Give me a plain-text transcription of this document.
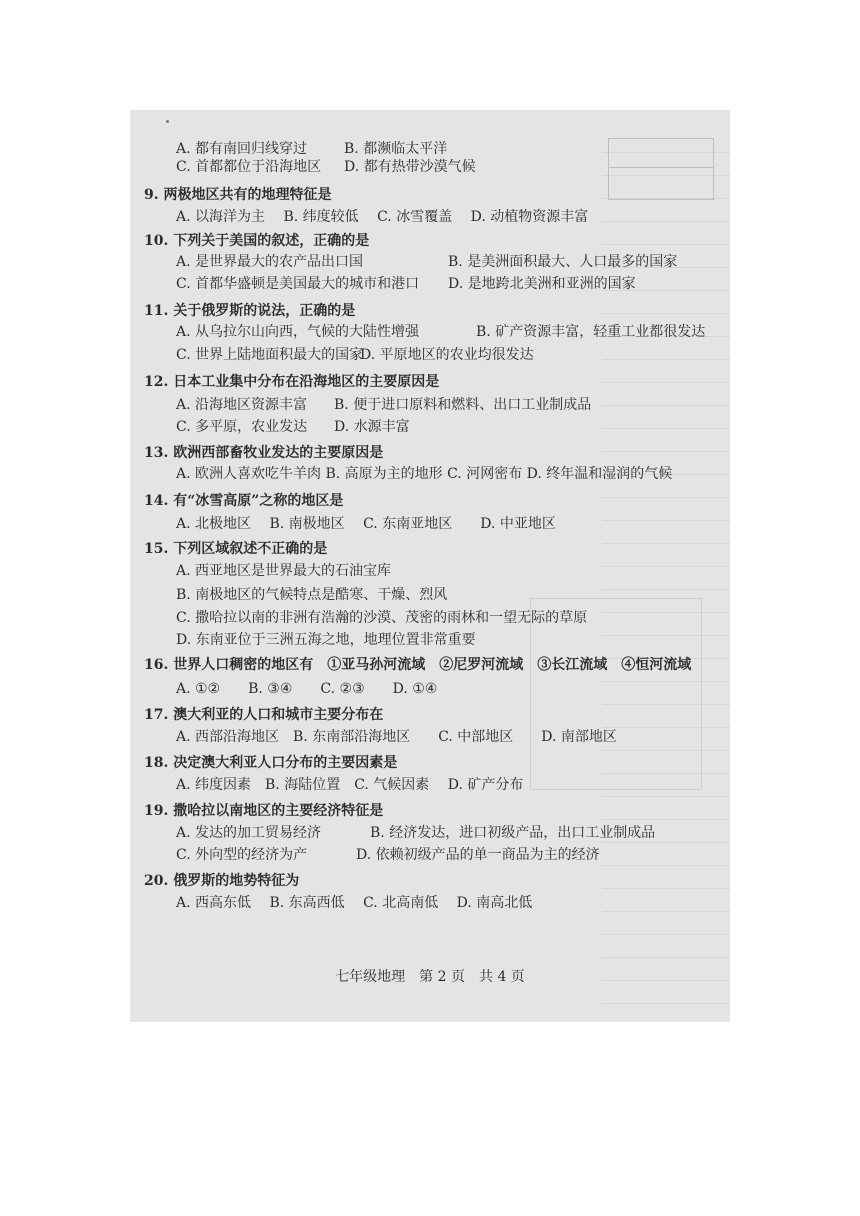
A. 都有南回归线穿过	B. 都濒临太平洋
C. 首都都位于沿海地区 D. 都有热带沙漠气候
9. 两极地区共有的地理特征是
A. 以海洋为主　 B. 纬度较低　 C. 冰雪覆盖　 D. 动植物资源丰富
10. 下列关于美国的叙述，正确的是
A. 是世界最大的农产品出口国	B. 是美洲面积最大、人口最多的国家
C. 首都华盛顿是美国最大的城市和港口 D. 是地跨北美洲和亚洲的国家
11. 关于俄罗斯的说法，正确的是
A. 从乌拉尔山向西，气候的大陆性增强	B. 矿产资源丰富，轻重工业都很发达
C. 世界上陆地面积最大的国家
D. 平原地区的农业均很发达
12. 日本工业集中分布在沿海地区的主要原因是
A. 沿海地区资源丰富 B. 便于进口原料和燃料、出口工业制成品
C. 多平原，农业发达 D. 水源丰富
13. 欧洲西部畜牧业发达的主要原因是
A. 欧洲人喜欢吃牛羊肉 B. 高原为主的地形 C. 河网密布 D. 终年温和湿润的气候
14. 有“冰雪高原”之称的地区是
A. 北极地区　 B. 南极地区　 C. 东南亚地区　　D. 中亚地区
15. 下列区域叙述不正确的是
A. 西亚地区是世界最大的石油宝库
B. 南极地区的气候特点是酷寒、干燥、烈风
C. 撒哈拉以南的非洲有浩瀚的沙漠、茂密的雨林和一望无际的草原
D. 东南亚位于三洲五海之地，地理位置非常重要
16. 世界人口稠密的地区有　①亚马孙河流域　②尼罗河流域　③长江流域　④恒河流域
A. ①②　　B. ③④　　C. ②③　　D. ①④
17. 澳大利亚的人口和城市主要分布在
A. 西部沿海地区　B. 东南部沿海地区　　C. 中部地区　　D. 南部地区
18. 决定澳大利亚人口分布的主要因素是
A. 纬度因素　B. 海陆位置　C. 气候因素　 D. 矿产分布
19. 撒哈拉以南地区的主要经济特征是
A. 发达的加工贸易经济	B. 经济发达，进口初级产品，出口工业制成品
C. 外向型的经济为产	D. 依赖初级产品的单一商品为主的经济
20. 俄罗斯的地势特征为
A. 西高东低　 B. 东高西低　 C. 北高南低　 D. 南高北低
七年级地理　第 2 页　共 4 页
